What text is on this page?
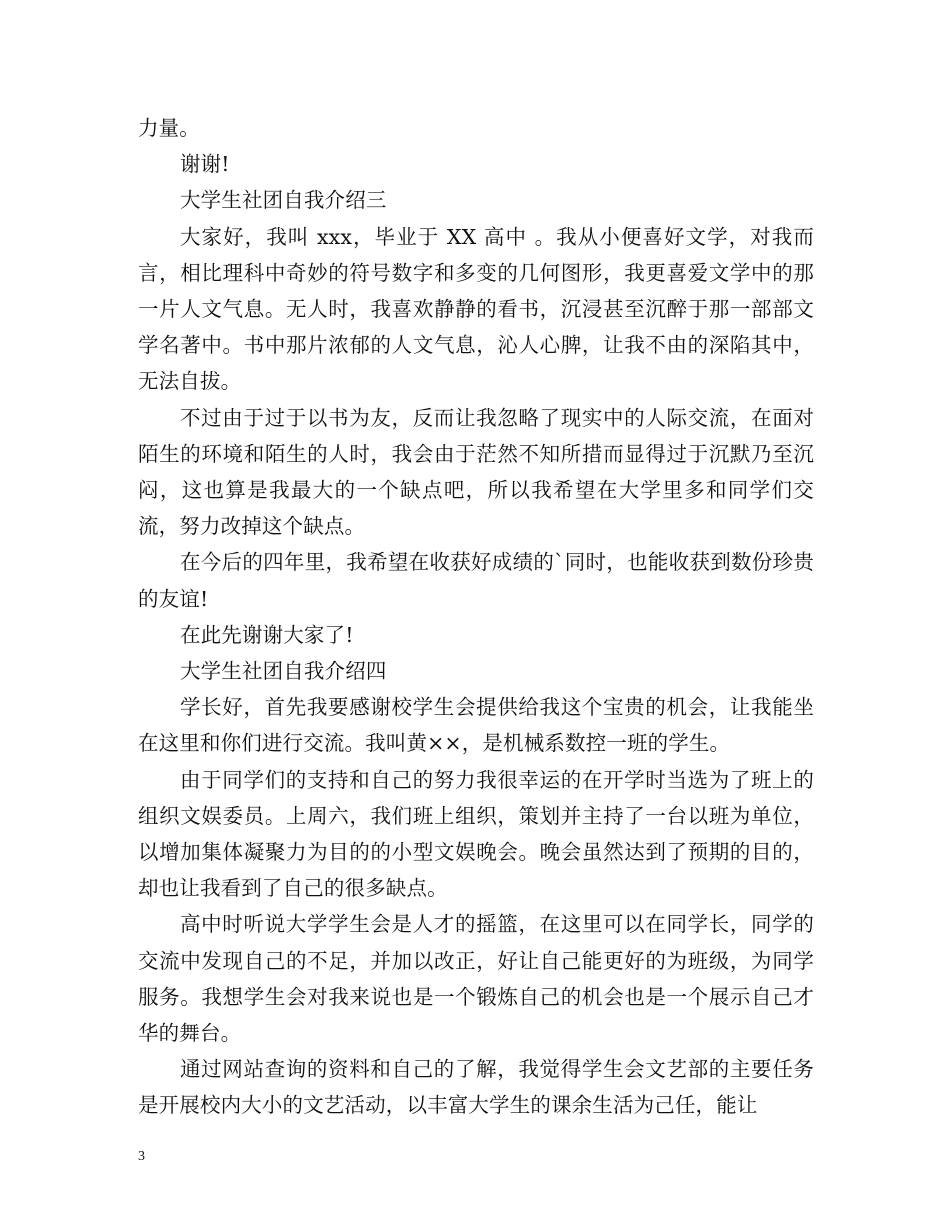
力量。

谢谢!

大学生社团自我介绍三

大家好，我叫 xxx，毕业于 XX 高中 。我从小便喜好文学，对我而言，相比理科中奇妙的符号数字和多变的几何图形，我更喜爱文学中的那一片人文气息。无人时，我喜欢静静的看书，沉浸甚至沉醉于那一部部文学名著中。书中那片浓郁的人文气息，沁人心脾，让我不由的深陷其中，无法自拔。

不过由于过于以书为友，反而让我忽略了现实中的人际交流，在面对陌生的环境和陌生的人时，我会由于茫然不知所措而显得过于沉默乃至沉闷，这也算是我最大的一个缺点吧，所以我希望在大学里多和同学们交流，努力改掉这个缺点。

在今后的四年里，我希望在收获好成绩的`同时，也能收获到数份珍贵的友谊!

在此先谢谢大家了!

大学生社团自我介绍四

学长好，首先我要感谢校学生会提供给我这个宝贵的机会，让我能坐在这里和你们进行交流。我叫黄××，是机械系数控一班的学生。

由于同学们的支持和自己的努力我很幸运的在开学时当选为了班上的组织文娱委员。上周六，我们班上组织，策划并主持了一台以班为单位，以增加集体凝聚力为目的的小型文娱晚会。晚会虽然达到了预期的目的，却也让我看到了自己的很多缺点。

高中时听说大学学生会是人才的摇篮，在这里可以在同学长，同学的交流中发现自己的不足，并加以改正，好让自己能更好的为班级，为同学服务。我想学生会对我来说也是一个锻炼自己的机会也是一个展示自己才华的舞台。

通过网站查询的资料和自己的了解，我觉得学生会文艺部的主要任务是开展校内大小的文艺活动，以丰富大学生的课余生活为己任，能让

3
